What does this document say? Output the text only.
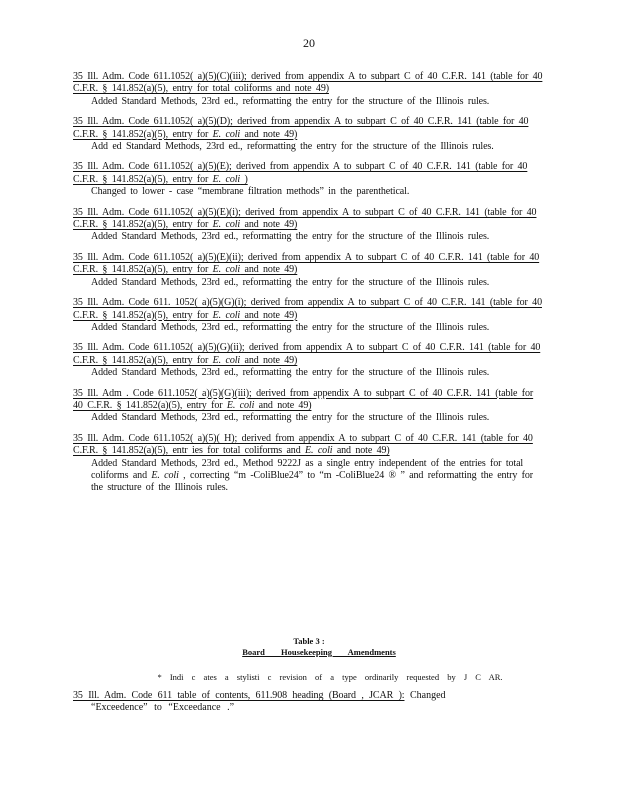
20
35 Ill. Adm. Code 611.1052( a)(5)(C)(iii); derived from appendix A to subpart C of 40 C.F.R. 141 (table for 40 C.F.R. § 141.852(a)(5), entry for total coliforms and note 49)
Added Standard Methods, 23rd ed., reformatting the entry for the structure of the Illinois rules.
35 Ill. Adm. Code 611.1052( a)(5)(D); derived from appendix A to subpart C of 40 C.F.R. 141 (table for 40 C.F.R. § 141.852(a)(5), entry for E. coli and note 49)
Add ed Standard Methods, 23rd ed., reformatting the entry for the structure of the Illinois rules.
35 Ill. Adm. Code 611.1052( a)(5)(E); derived from appendix A to subpart C of 40 C.F.R. 141 (table for 40 C.F.R. § 141.852(a)(5), entry for E. coli )
Changed to lower - case “membrane filtration methods” in the parenthetical.
35 Ill. Adm. Code 611.1052( a)(5)(E)(i); derived from appendix A to subpart C of 40 C.F.R. 141 (table for 40 C.F.R. § 141.852(a)(5), entry for E. coli and note 49)
Added Standard Methods, 23rd ed., reformatting the entry for the structure of the Illinois rules.
35 Ill. Adm. Code 611.1052( a)(5)(E)(ii); derived from appendix A to subpart C of 40 C.F.R. 141 (table for 40 C.F.R. § 141.852(a)(5), entry for E. coli and note 49)
Added Standard Methods, 23rd ed., reformatting the entry for the structure of the Illinois rules.
35 Ill. Adm. Code 611. 1052( a)(5)(G)(i); derived from appendix A to subpart C of 40 C.F.R. 141 (table for 40 C.F.R. § 141.852(a)(5), entry for E. coli and note 49)
Added Standard Methods, 23rd ed., reformatting the entry for the structure of the Illinois rules.
35 Ill. Adm. Code 611.1052( a)(5)(G)(ii); derived from appendix A to subpart C of 40 C.F.R. 141 (table for 40 C.F.R. § 141.852(a)(5), entry for E. coli and note 49)
Added Standard Methods, 23rd ed., reformatting the entry for the structure of the Illinois rules.
35 Ill. Adm . Code 611.1052( a)(5)(G)(iii); derived from appendix A to subpart C of 40 C.F.R. 141 (table for 40 C.F.R. § 141.852(a)(5), entry for E. coli and note 49)
Added Standard Methods, 23rd ed., reformatting the entry for the structure of the Illinois rules.
35 Ill. Adm. Code 611.1052( a)(5)( H); derived from appendix A to subpart C of 40 C.F.R. 141 (table for 40 C.F.R. § 141.852(a)(5), entr ies for total coliforms and E. coli and note 49)
Added Standard Methods, 23rd ed., Method 9222J as a single entry independent of the entries for total coliforms and E. coli , correcting “m -ColiBlue24” to “m -ColiBlue24 ® ” and reformatting the entry for the structure of the Illinois rules.
Table 3 :
Board Housekeeping Amendments
* Indi c ates a stylisti c revision of a type ordinarily requested by J C AR.
35 Ill. Adm. Code 611 table of contents, 611.908 heading (Board , JCAR ): Changed
“Exceedence” to “Exceedance .”
